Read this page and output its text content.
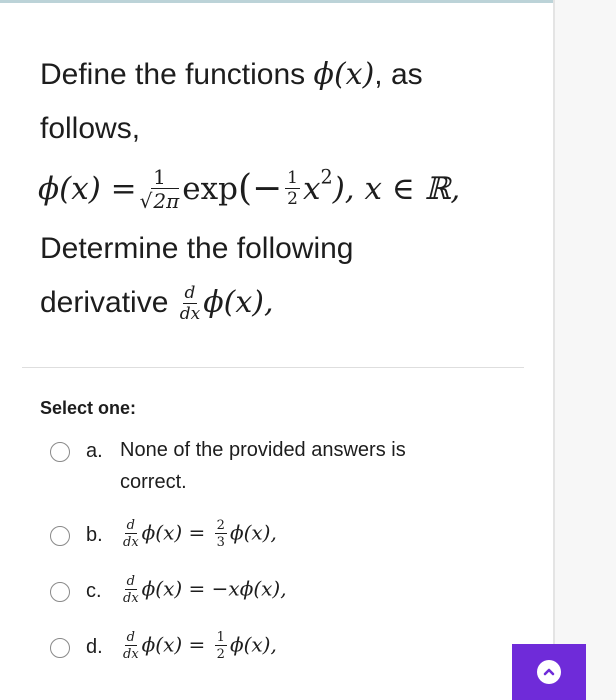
Define the functions ϕ(x), as
follows,
$\phi(x) = \frac{1}{√2\pi}$ exp (− $\frac{1}{2} x^2$ ), x ∈ ℝ,
Determine the following
derivative $\frac{d}{dx} \phi(x)$,
Select one:
a. None of the provided answers is correct.
b.	$\frac{d}{dx} \phi(x) = \frac{2}{3} \phi(x)$,
c.	$\frac{d}{dx} \phi(x) = -x\phi(x)$,
d.	$\frac{d}{dx} \phi(x) = \frac{1}{2} \phi(x)$,
